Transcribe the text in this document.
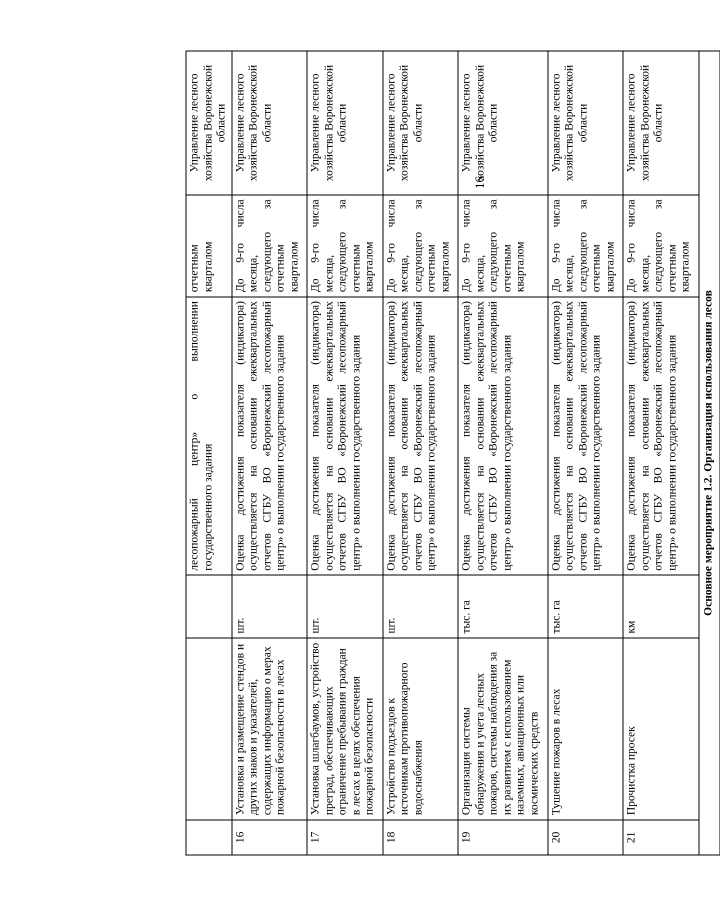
16
			лесопожарный центр» о выполнении государственного задания	отчетным кварталом	Управление лесного хозяйства Воронежской области
16	Установка и размещение стендов и других знаков и указателей, содержащих информацию о мерах пожарной безопасности в лесах	шт.	Оценка достижения показателя (индикатора) осуществляется на основании ежеквартальных отчетов СГБУ ВО «Воронежский лесопожарный центр» о выполнении государственного задания	До 9-го числа месяца, следующего за отчетным кварталом	Управление лесного хозяйства Воронежской области
17	Установка шлагбаумов, устройство преград, обеспечивающих ограничение пребывания граждан в лесах в целях обеспечения пожарной безопасности	шт.	Оценка достижения показателя (индикатора) осуществляется на основании ежеквартальных отчетов СГБУ ВО «Воронежский лесопожарный центр» о выполнении государственного задания	До 9-го числа месяца, следующего за отчетным кварталом	Управление лесного хозяйства Воронежской области
18	Устройство подъездов к источникам противопожарного водоснабжения	шт.	Оценка достижения показателя (индикатора) осуществляется на основании ежеквартальных отчетов СГБУ ВО «Воронежский лесопожарный центр» о выполнении государственного задания	До 9-го числа месяца, следующего за отчетным кварталом	Управление лесного хозяйства Воронежской области
19	Организация системы обнаружения и учета лесных пожаров, системы наблюдения за их развитием с использованием наземных, авиационных или космических средств	тыс. га	Оценка достижения показателя (индикатора) осуществляется на основании ежеквартальных отчетов СГБУ ВО «Воронежский лесопожарный центр» о выполнении государственного задания	До 9-го числа месяца, следующего за отчетным кварталом	Управление лесного хозяйства Воронежской области
20	Тушение пожаров в лесах	тыс. га	Оценка достижения показателя (индикатора) осуществляется на основании ежеквартальных отчетов СГБУ ВО «Воронежский лесопожарный центр» о выполнении государственного задания	До 9-го числа месяца, следующего за отчетным кварталом	Управление лесного хозяйства Воронежской области
21	Прочистка просек	км	Оценка достижения показателя (индикатора) осуществляется на основании ежеквартальных отчетов СГБУ ВО «Воронежский лесопожарный центр» о выполнении государственного задания	До 9-го числа месяца, следующего за отчетным кварталом	Управление лесного хозяйства Воронежской области
Основное мероприятие 1.2. Организация использования лесов					
